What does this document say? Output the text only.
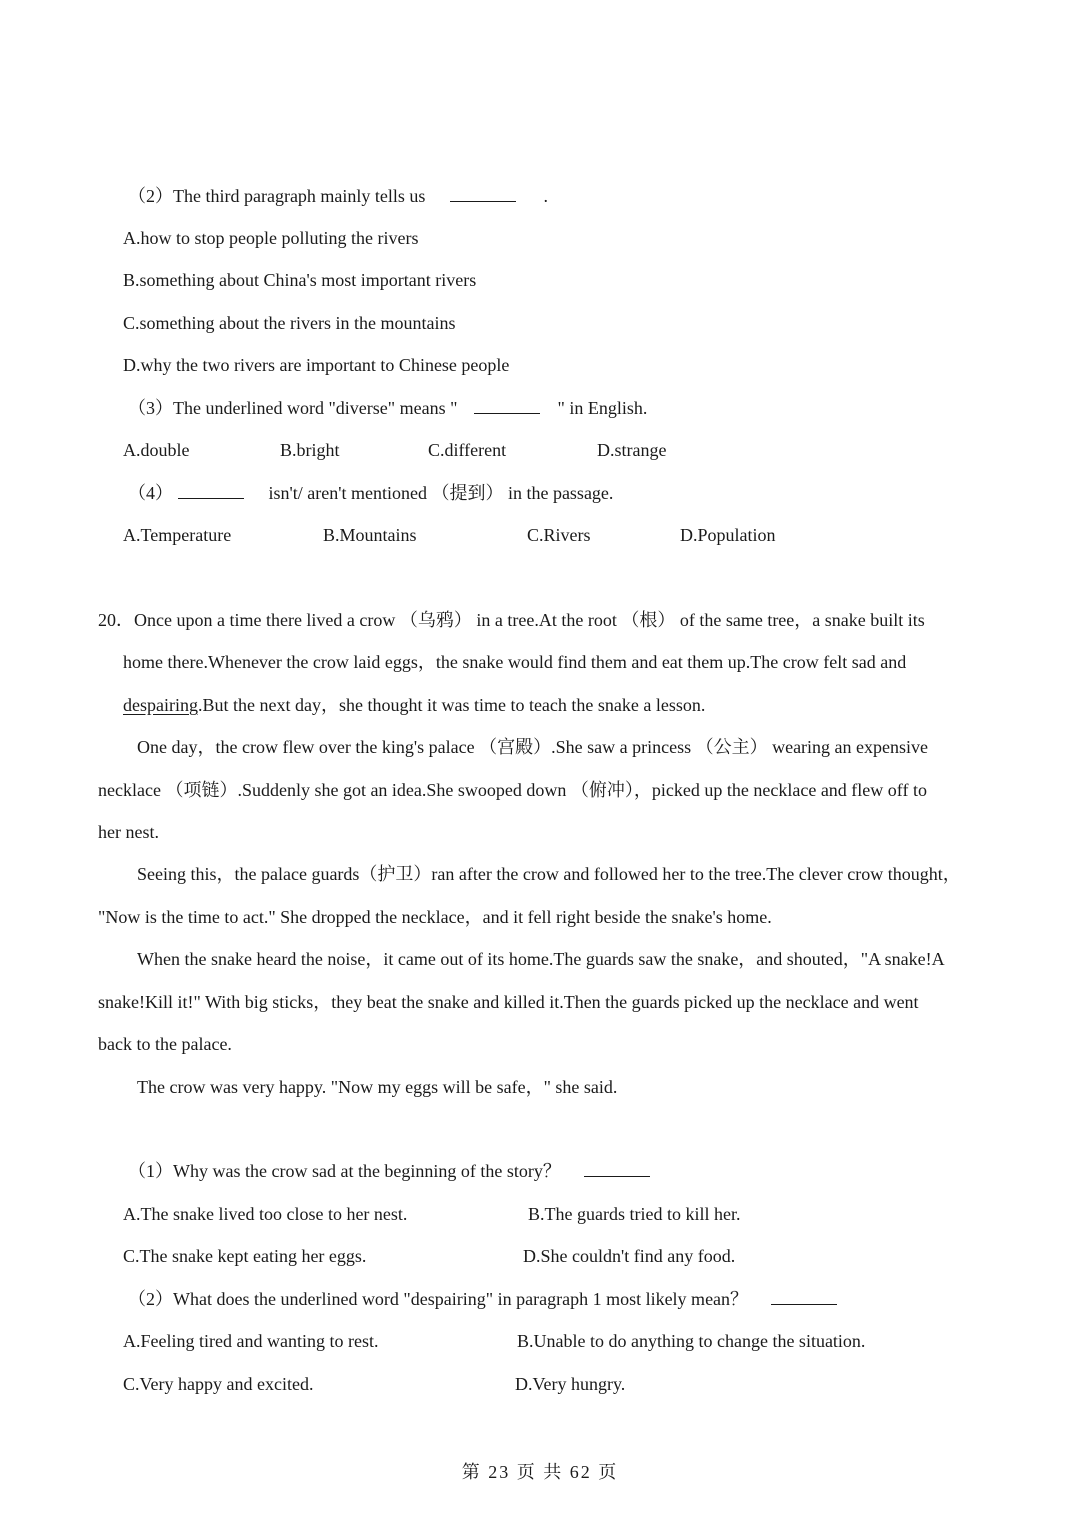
（2）The third paragraph mainly tells us	.
A.how to stop people polluting the rivers
B.something about China's most important rivers
C.something about the rivers in the mountains
D.why the two rivers are important to Chinese people
（3）The underlined word "diverse" means "	" in English.
A.double	B.bright	C.different	D.strange
（4）	isn't/ aren't mentioned （提到） in the passage.
A.Temperature	B.Mountains	C.Rivers	D.Population
20．Once upon a time there lived a crow （乌鸦） in a tree.At the root （根） of the same tree，a snake built its
home there.Whenever the crow laid eggs，the snake would find them and eat them up.The crow felt sad and
despairing.But the next day，she thought it was time to teach the snake a lesson.
One day，the crow flew over the king's palace （宫殿）.She saw a princess （公主） wearing an expensive
necklace （项链）.Suddenly she got an idea.She swooped down （俯冲），picked up the necklace and flew off to
her nest.
Seeing this，the palace guards（护卫）ran after the crow and followed her to the tree.The clever crow thought，
"Now is the time to act." She dropped the necklace，and it fell right beside the snake's home.
When the snake heard the noise，it came out of its home.The guards saw the snake，and shouted，"A snake!A
snake!Kill it!" With big sticks，they beat the snake and killed it.Then the guards picked up the necklace and went
back to the palace.
The crow was very happy. "Now my eggs will be safe，" she said.
（1）Why was the crow sad at the beginning of the story？
A.The snake lived too close to her nest.	B.The guards tried to kill her.
C.The snake kept eating her eggs.	D.She couldn't find any food.
（2）What does the underlined word "despairing" in paragraph 1 most likely mean？
A.Feeling tired and wanting to rest.	B.Unable to do anything to change the situation.
C.Very happy and excited.	D.Very hungry.
第 23 页 共 62 页
